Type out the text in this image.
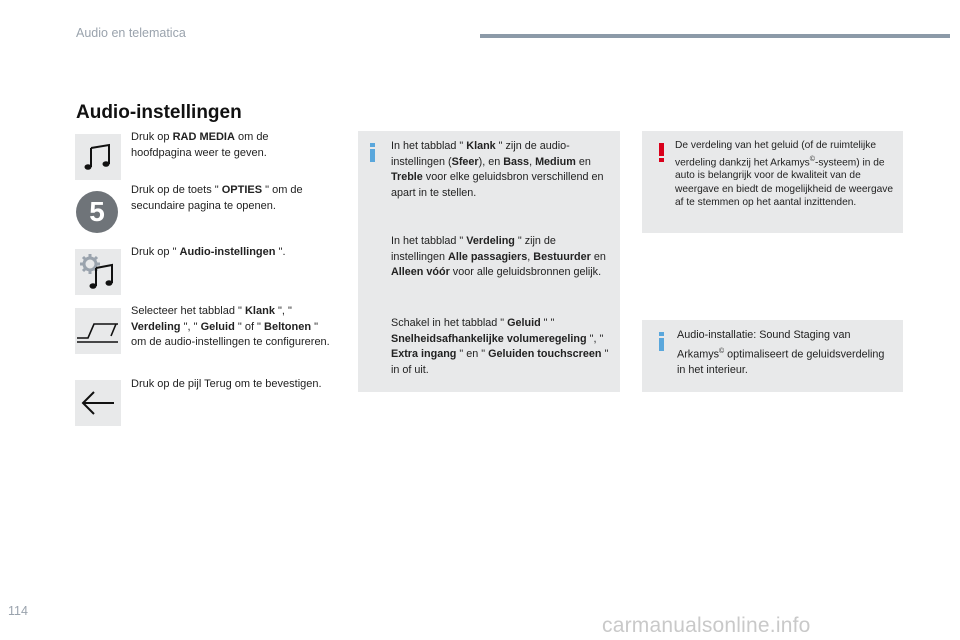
Audio en telematica
Audio-instellingen
Druk op RAD MEDIA om de hoofdpagina weer te geven.
5
Druk op de toets " OPTIES " om de secundaire pagina te openen.
Druk op " Audio-instellingen ".
Selecteer het tabblad " Klank ", " Verdeling ", " Geluid " of " Beltonen " om de audio-instellingen te configureren.
Druk op de pijl Terug om te bevestigen.
In het tabblad " Klank " zijn de audio-instellingen (Sfeer), en Bass, Medium en Treble voor elke geluidsbron verschillend en apart in te stellen.
In het tabblad " Verdeling " zijn de instellingen Alle passagiers, Bestuurder en Alleen vóór voor alle geluidsbronnen gelijk.
Schakel in het tabblad " Geluid " " Snelheidsafhankelijke volumeregeling ", " Extra ingang " en " Geluiden touchscreen " in of uit.
De verdeling van het geluid (of de ruimtelijke verdeling dankzij het Arkamys©-systeem) in de auto is belangrijk voor de kwaliteit van de weergave en biedt de mogelijkheid de weergave af te stemmen op het aantal inzittenden.
Audio-installatie: Sound Staging van Arkamys© optimaliseert de geluidsverdeling in het interieur.
114
carmanualsonline.info
